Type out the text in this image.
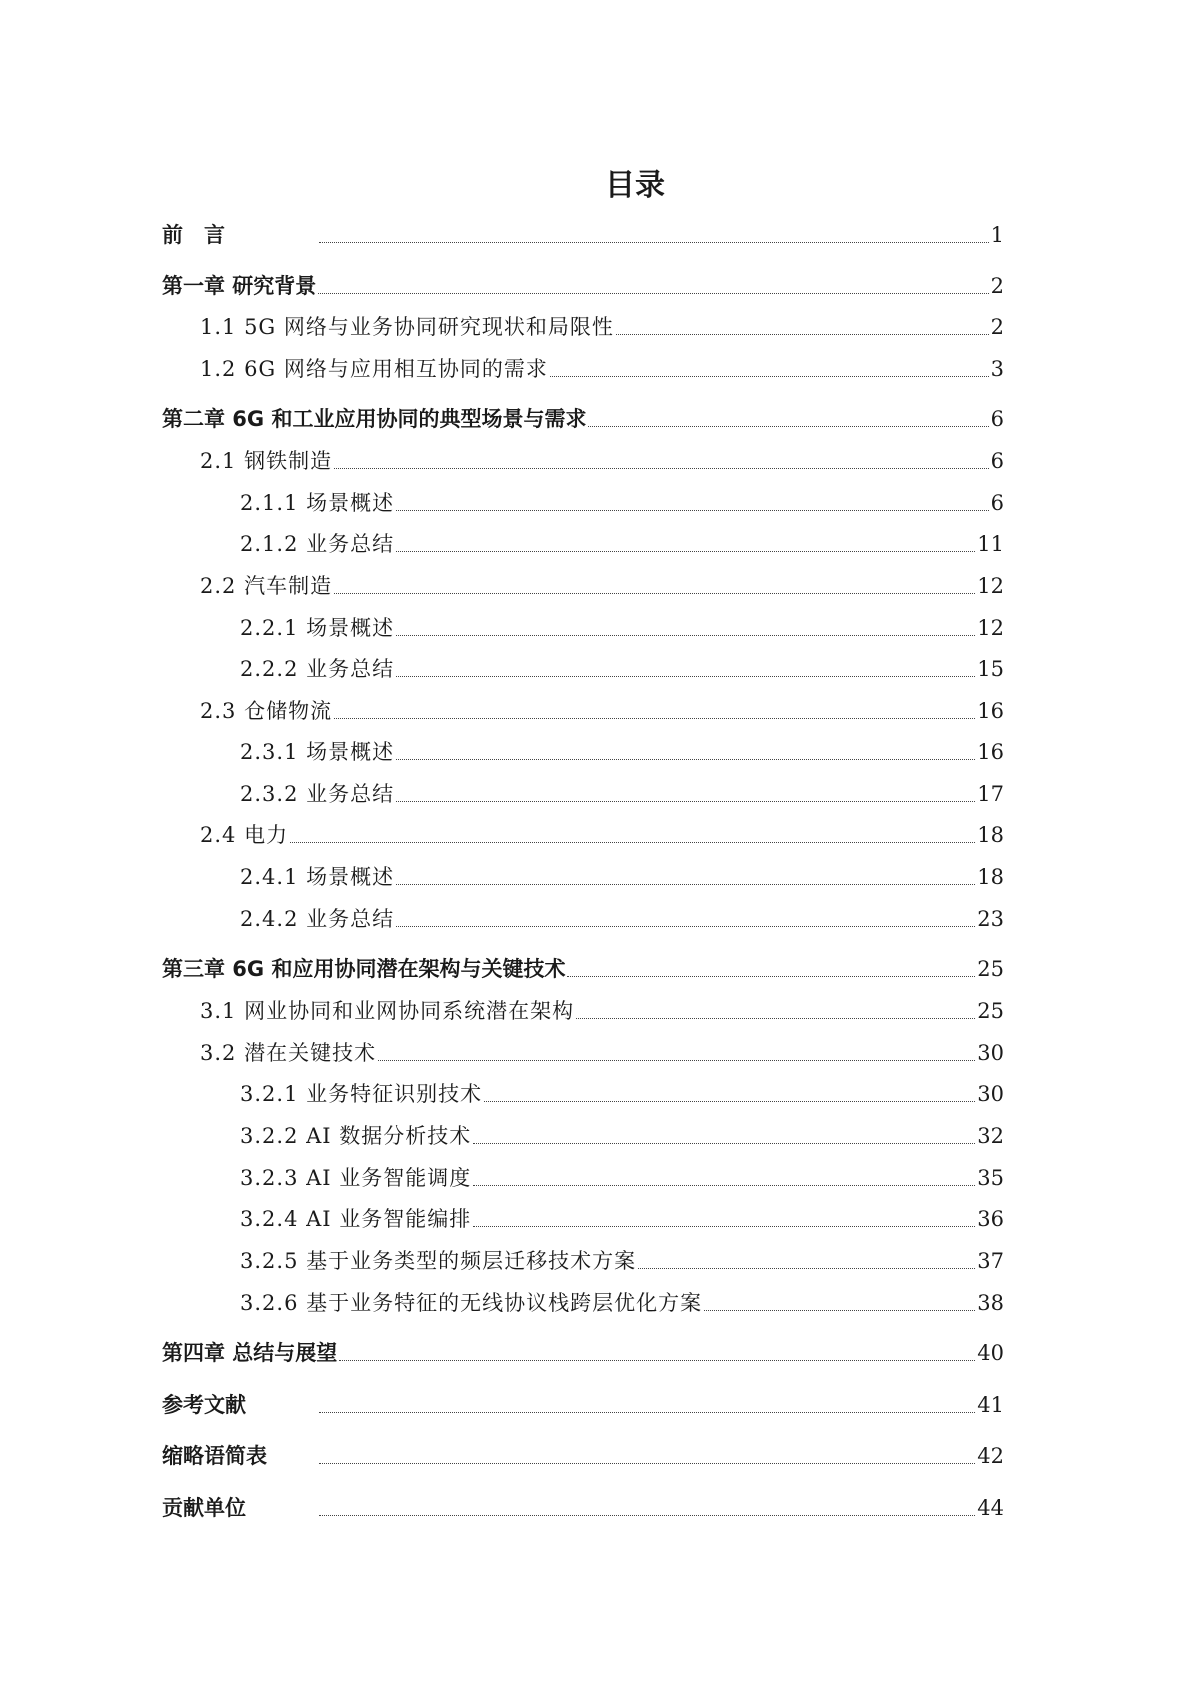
目录
前　言	1
第一章 研究背景	2
1.1 5G 网络与业务协同研究现状和局限性	2
1.2 6G 网络与应用相互协同的需求	3
第二章 6G 和工业应用协同的典型场景与需求	6
2.1 钢铁制造	6
2.1.1 场景概述	6
2.1.2 业务总结	11
2.2 汽车制造	12
2.2.1 场景概述	12
2.2.2 业务总结	15
2.3 仓储物流	16
2.3.1 场景概述	16
2.3.2 业务总结	17
2.4 电力	18
2.4.1 场景概述	18
2.4.2 业务总结	23
第三章 6G 和应用协同潜在架构与关键技术	25
3.1 网业协同和业网协同系统潜在架构	25
3.2 潜在关键技术	30
3.2.1 业务特征识别技术	30
3.2.2 AI 数据分析技术	32
3.2.3 AI 业务智能调度	35
3.2.4 AI 业务智能编排	36
3.2.5 基于业务类型的频层迁移技术方案	37
3.2.6 基于业务特征的无线协议栈跨层优化方案	38
第四章 总结与展望	40
参考文献	41
缩略语简表	42
贡献单位	44
